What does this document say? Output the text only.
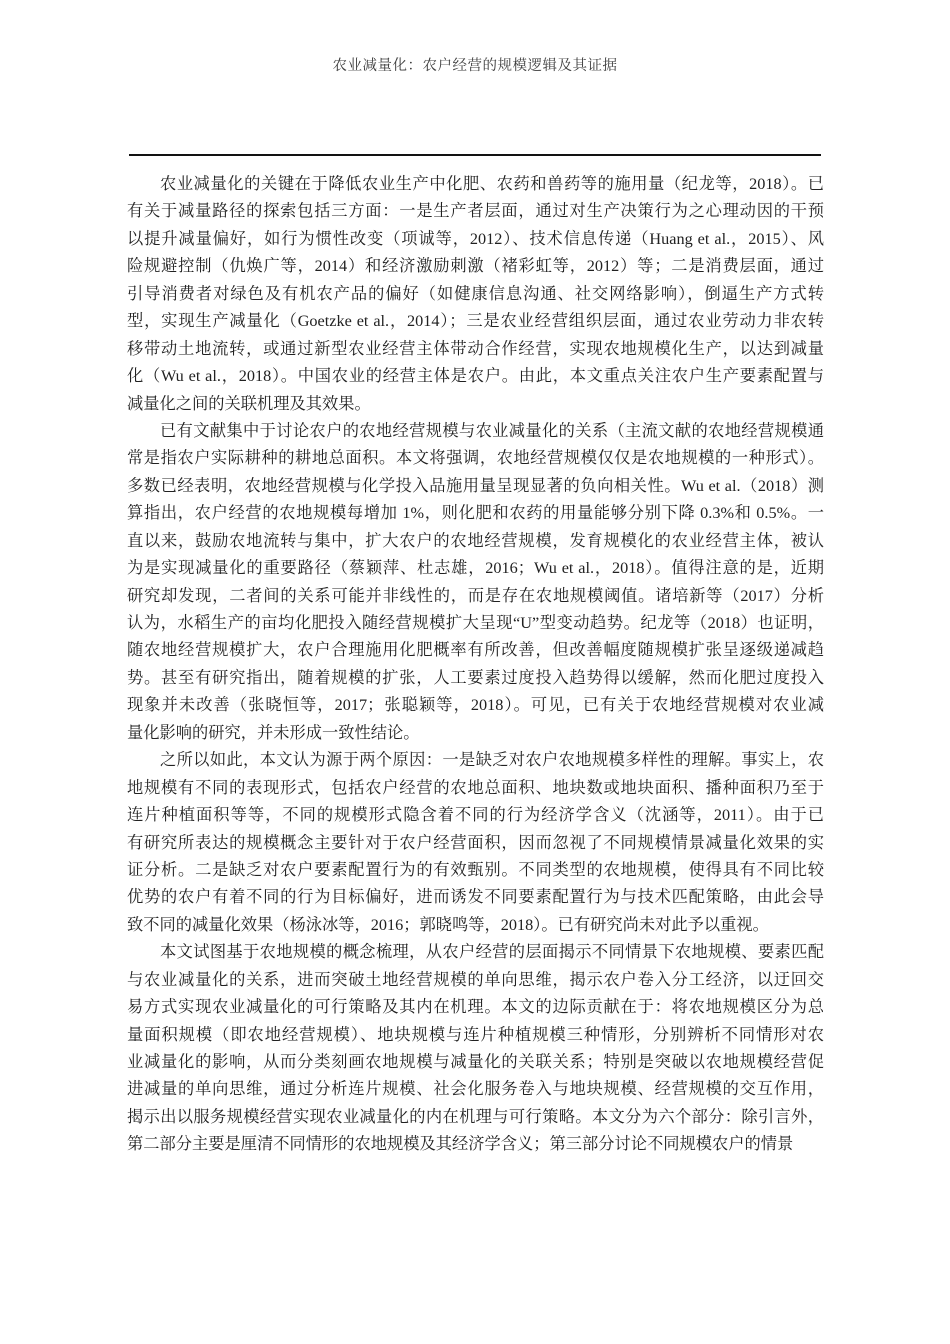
农业减量化：农户经营的规模逻辑及其证据
农业减量化的关键在于降低农业生产中化肥、农药和兽药等的施用量（纪龙等，2018）。已
有关于减量路径的探索包括三方面：一是生产者层面，通过对生产决策行为之心理动因的干预
以提升减量偏好，如行为惯性改变（项诚等，2012）、技术信息传递（Huang et al.，2015）、风
险规避控制（仇焕广等，2014）和经济激励刺激（褚彩虹等，2012）等；二是消费层面，通过
引导消费者对绿色及有机农产品的偏好（如健康信息沟通、社交网络影响），倒逼生产方式转
型，实现生产减量化（Goetzke et al.，2014）；三是农业经营组织层面，通过农业劳动力非农转
移带动土地流转，或通过新型农业经营主体带动合作经营，实现农地规模化生产，以达到减量
化（Wu et al.，2018）。中国农业的经营主体是农户。由此，本文重点关注农户生产要素配置与
减量化之间的关联机理及其效果。
已有文献集中于讨论农户的农地经营规模与农业减量化的关系（主流文献的农地经营规模通
常是指农户实际耕种的耕地总面积。本文将强调，农地经营规模仅仅是农地规模的一种形式）。
多数已经表明，农地经营规模与化学投入品施用量呈现显著的负向相关性。Wu et al.（2018）测
算指出，农户经营的农地规模每增加 1%，则化肥和农药的用量能够分别下降 0.3%和 0.5%。一
直以来，鼓励农地流转与集中，扩大农户的农地经营规模，发育规模化的农业经营主体，被认
为是实现减量化的重要路径（蔡颖萍、杜志雄，2016；Wu et al.，2018）。值得注意的是，近期
研究却发现，二者间的关系可能并非线性的，而是存在农地规模阈值。诸培新等（2017）分析
认为，水稻生产的亩均化肥投入随经营规模扩大呈现“U”型变动趋势。纪龙等（2018）也证明，
随农地经营规模扩大，农户合理施用化肥概率有所改善，但改善幅度随规模扩张呈逐级递减趋
势。甚至有研究指出，随着规模的扩张，人工要素过度投入趋势得以缓解，然而化肥过度投入
现象并未改善（张晓恒等，2017；张聪颖等，2018）。可见，已有关于农地经营规模对农业减
量化影响的研究，并未形成一致性结论。
之所以如此，本文认为源于两个原因：一是缺乏对农户农地规模多样性的理解。事实上，农
地规模有不同的表现形式，包括农户经营的农地总面积、地块数或地块面积、播种面积乃至于
连片种植面积等等，不同的规模形式隐含着不同的行为经济学含义（沈涵等，2011）。由于已
有研究所表达的规模概念主要针对于农户经营面积，因而忽视了不同规模情景减量化效果的实
证分析。二是缺乏对农户要素配置行为的有效甄别。不同类型的农地规模，使得具有不同比较
优势的农户有着不同的行为目标偏好，进而诱发不同要素配置行为与技术匹配策略，由此会导
致不同的减量化效果（杨泳冰等，2016；郭晓鸣等，2018）。已有研究尚未对此予以重视。
本文试图基于农地规模的概念梳理，从农户经营的层面揭示不同情景下农地规模、要素匹配
与农业减量化的关系，进而突破土地经营规模的单向思维，揭示农户卷入分工经济，以迂回交
易方式实现农业减量化的可行策略及其内在机理。本文的边际贡献在于：将农地规模区分为总
量面积规模（即农地经营规模）、地块规模与连片种植规模三种情形，分别辨析不同情形对农
业减量化的影响，从而分类刻画农地规模与减量化的关联关系；特别是突破以农地规模经营促
进减量的单向思维，通过分析连片规模、社会化服务卷入与地块规模、经营规模的交互作用，
揭示出以服务规模经营实现农业减量化的内在机理与可行策略。本文分为六个部分：除引言外，
第二部分主要是厘清不同情形的农地规模及其经济学含义；第三部分讨论不同规模农户的情景
